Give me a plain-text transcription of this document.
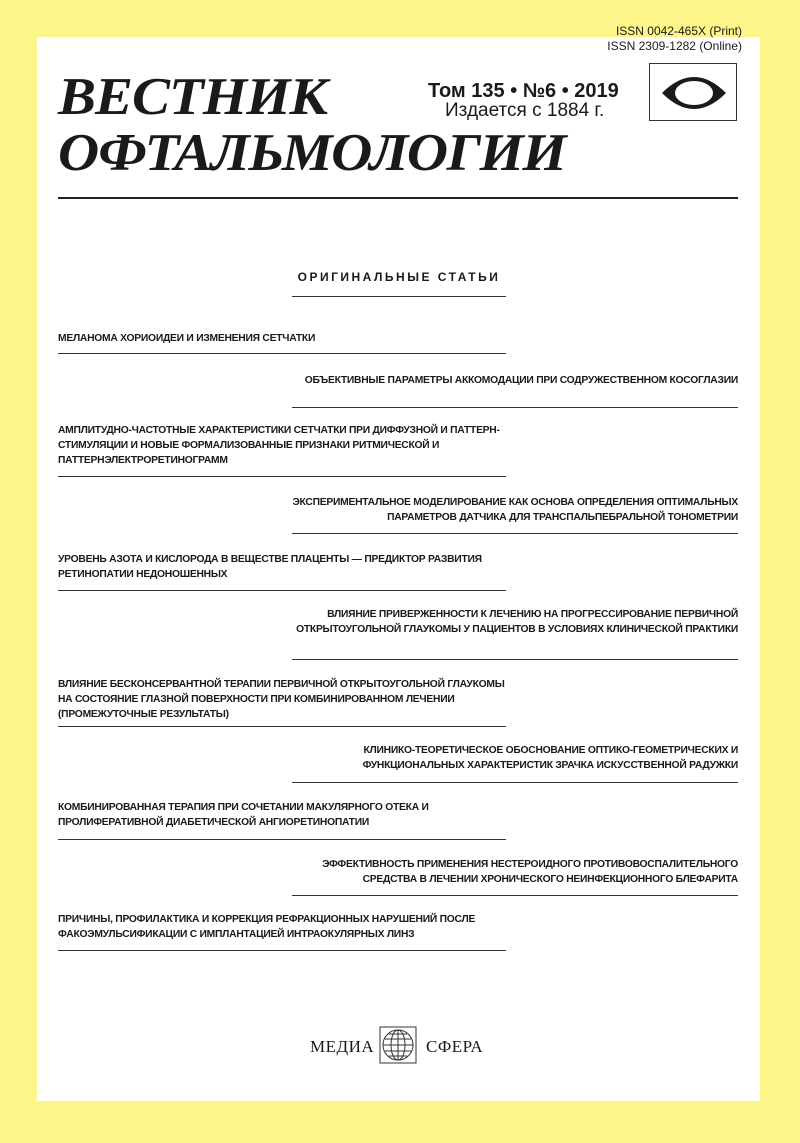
ISSN 0042-465X (Print)
ISSN 2309-1282 (Online)
ВЕСТНИК
ОФТАЛЬМОЛОГИИ
Том 135 • №6 • 2019
Издается с 1884 г.
ОРИГИНАЛЬНЫЕ СТАТЬИ
МЕЛАНОМА ХОРИОИДЕИ И ИЗМЕНЕНИЯ СЕТЧАТКИ
ОБЪЕКТИВНЫЕ ПАРАМЕТРЫ АККОМОДАЦИИ ПРИ СОДРУЖЕСТВЕННОМ КОСОГЛАЗИИ
АМПЛИТУДНО-ЧАСТОТНЫЕ ХАРАКТЕРИСТИКИ СЕТЧАТКИ ПРИ ДИФФУЗНОЙ И ПАТТЕРН-СТИМУЛЯЦИИ И НОВЫЕ ФОРМАЛИЗОВАННЫЕ ПРИЗНАКИ РИТМИЧЕСКОЙ И ПАТТЕРНЭЛЕКТРОРЕТИНОГРАММ
ЭКСПЕРИМЕНТАЛЬНОЕ МОДЕЛИРОВАНИЕ КАК ОСНОВА ОПРЕДЕЛЕНИЯ ОПТИМАЛЬНЫХ ПАРАМЕТРОВ ДАТЧИКА ДЛЯ ТРАНСПАЛЬПЕБРАЛЬНОЙ ТОНОМЕТРИИ
УРОВЕНЬ АЗОТА И КИСЛОРОДА В ВЕЩЕСТВЕ ПЛАЦЕНТЫ — ПРЕДИКТОР РАЗВИТИЯ РЕТИНОПАТИИ НЕДОНОШЕННЫХ
ВЛИЯНИЕ ПРИВЕРЖЕННОСТИ К ЛЕЧЕНИЮ НА ПРОГРЕССИРОВАНИЕ ПЕРВИЧНОЙ ОТКРЫТОУГОЛЬНОЙ ГЛАУКОМЫ У ПАЦИЕНТОВ В УСЛОВИЯХ КЛИНИЧЕСКОЙ ПРАКТИКИ
ВЛИЯНИЕ БЕСКОНСЕРВАНТНОЙ ТЕРАПИИ ПЕРВИЧНОЙ ОТКРЫТОУГОЛЬНОЙ ГЛАУКОМЫ НА СОСТОЯНИЕ ГЛАЗНОЙ ПОВЕРХНОСТИ ПРИ КОМБИНИРОВАННОМ ЛЕЧЕНИИ (ПРОМЕЖУТОЧНЫЕ РЕЗУЛЬТАТЫ)
КЛИНИКО-ТЕОРЕТИЧЕСКОЕ ОБОСНОВАНИЕ ОПТИКО-ГЕОМЕТРИЧЕСКИХ И ФУНКЦИОНАЛЬНЫХ ХАРАКТЕРИСТИК ЗРАЧКА ИСКУССТВЕННОЙ РАДУЖКИ
КОМБИНИРОВАННАЯ ТЕРАПИЯ ПРИ СОЧЕТАНИИ МАКУЛЯРНОГО ОТЕКА И ПРОЛИФЕРАТИВНОЙ ДИАБЕТИЧЕСКОЙ АНГИОРЕТИНОПАТИИ
ЭФФЕКТИВНОСТЬ ПРИМЕНЕНИЯ НЕСТЕРОИДНОГО ПРОТИВОВОСПАЛИТЕЛЬНОГО СРЕДСТВА В ЛЕЧЕНИИ ХРОНИЧЕСКОГО НЕИНФЕКЦИОННОГО БЛЕФАРИТА
ПРИЧИНЫ, ПРОФИЛАКТИКА И КОРРЕКЦИЯ РЕФРАКЦИОННЫХ НАРУШЕНИЙ ПОСЛЕ ФАКОЭМУЛЬСИФИКАЦИИ С ИМПЛАНТАЦИЕЙ ИНТРАОКУЛЯРНЫХ ЛИНЗ
МЕДИА	СФЕРА
